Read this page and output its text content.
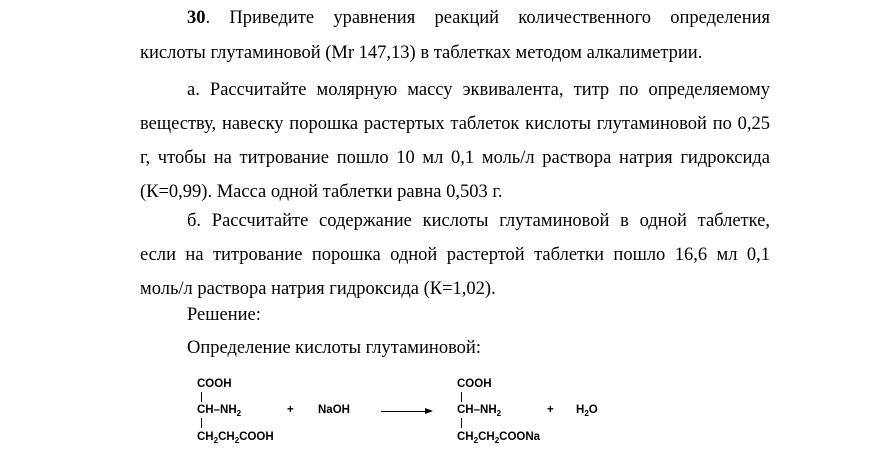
30. Приведите уравнения реакций количественного определения
кислоты глутаминовой (Mr 147,13) в таблетках методом алкалиметрии.
а. Рассчитайте молярную массу эквивалента, титр по определяемому
веществу, навеску порошка растертых таблеток кислоты глутаминовой по 0,25
г, чтобы на титрование пошло 10 мл 0,1 моль/л раствора натрия гидроксида
(К=0,99). Масса одной таблетки равна 0,503 г.
б. Рассчитайте содержание кислоты глутаминовой в одной таблетке,
если на титрование порошка одной растертой таблетки пошло 16,6 мл 0,1
моль/л раствора натрия гидроксида (К=1,02).
Решение:
Определение кислоты глутаминовой:
COOH
$CH-NH_2$
$CH_2CH_2COOH$
+ NaOH
COOH
$CH-NH_2$
$CH_2CH_2COONa$
+ $H_2O$
